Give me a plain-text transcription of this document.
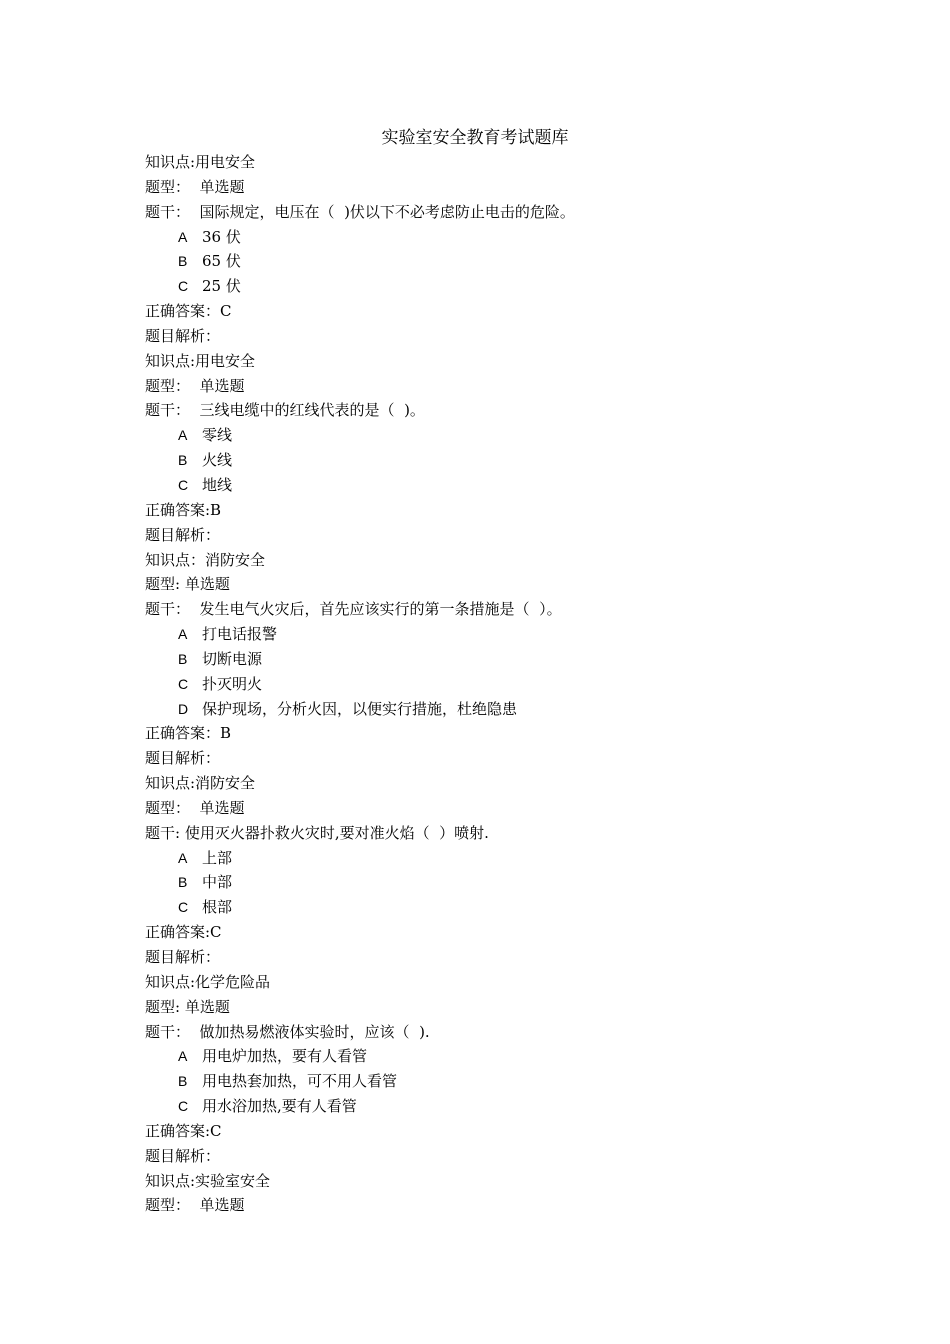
实验室安全教育考试题库
知识点:用电安全
题型：  单选题
题干：  国际规定，电压在（  )伏以下不必考虑防止电击的危险。
A 36 伏
B 65 伏
C 25 伏
正确答案：C
题目解析：
知识点:用电安全
题型：  单选题
题干：  三线电缆中的红线代表的是（  )。
A 零线
B 火线
C 地线
正确答案:B
题目解析：
知识点：消防安全
题型: 单选题
题干：  发生电气火灾后，首先应该实行的第一条措施是（  ）。
A 打电话报警
B 切断电源
C 扑灭明火
D 保护现场，分析火因，以便实行措施，杜绝隐患
正确答案：B
题目解析：
知识点:消防安全
题型：  单选题
题干: 使用灭火器扑救火灾时,要对准火焰（  ）喷射.
A 上部
B 中部
C 根部
正确答案:C
题目解析：
知识点:化学危险品
题型: 单选题
题干：  做加热易燃液体实验时，应该（  ).
A 用电炉加热，要有人看管
B 用电热套加热，可不用人看管
C 用水浴加热,要有人看管
正确答案:C
题目解析：
知识点:实验室安全
题型：  单选题
